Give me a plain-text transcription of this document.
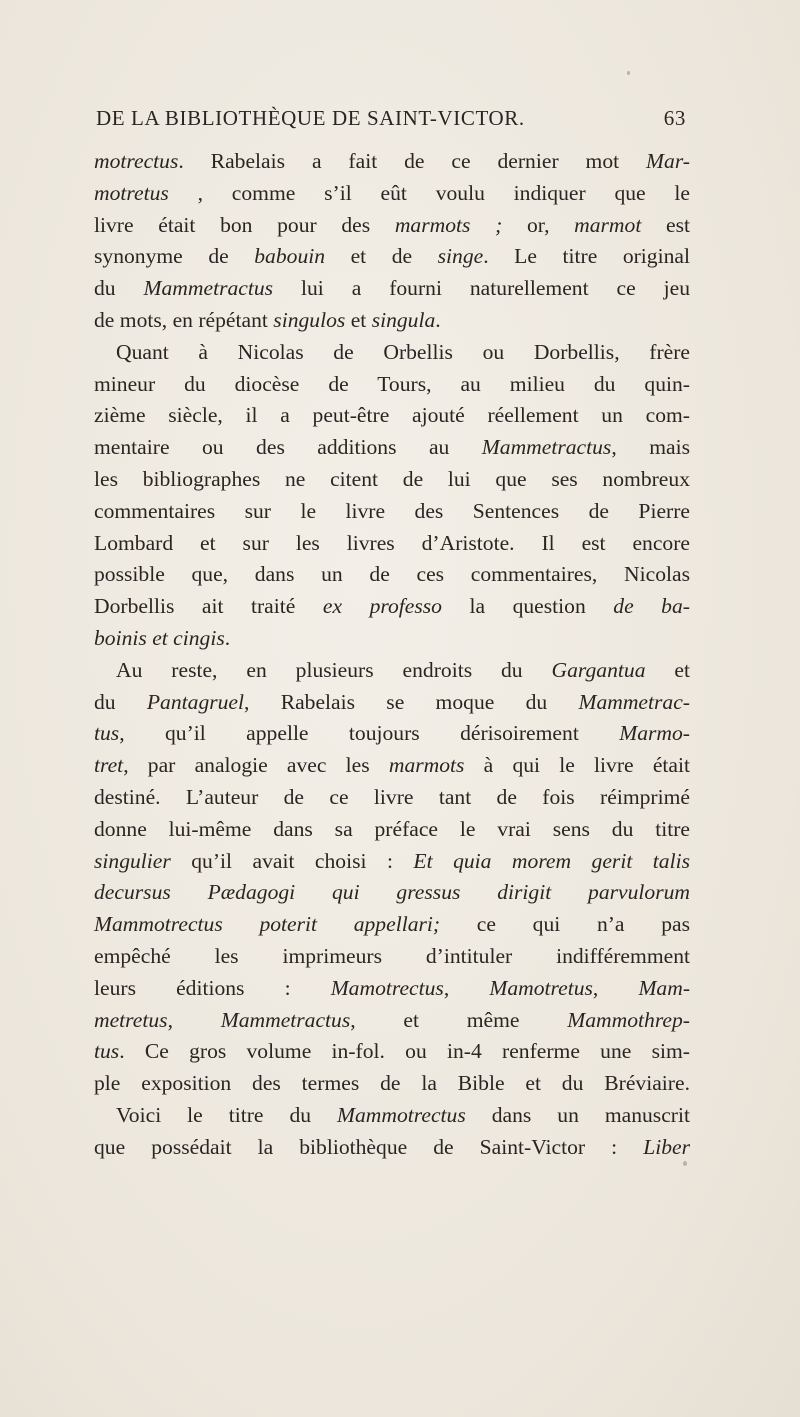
DE LA BIBLIOTHÈQUE DE SAINT-VICTOR.	63
motrectus. Rabelais a fait de ce dernier mot Mar-
motretus , comme s’il eût voulu indiquer que le
livre était bon pour des marmots ; or, marmot est
synonyme de babouin et de singe. Le titre original
du Mammetractus lui a fourni naturellement ce jeu
de mots, en répétant singulos et singula.
Quant à Nicolas de Orbellis ou Dorbellis, frère
mineur du diocèse de Tours, au milieu du quin-
zième siècle, il a peut-être ajouté réellement un com-
mentaire ou des additions au Mammetractus, mais
les bibliographes ne citent de lui que ses nombreux
commentaires sur le livre des Sentences de Pierre
Lombard et sur les livres d’Aristote. Il est encore
possible que, dans un de ces commentaires, Nicolas
Dorbellis ait traité ex professo la question de ba-
boinis et cingis.
Au reste, en plusieurs endroits du Gargantua et
du Pantagruel, Rabelais se moque du Mammetrac-
tus, qu’il appelle toujours dérisoirement Marmo-
tret, par analogie avec les marmots à qui le livre était
destiné. L’auteur de ce livre tant de fois réimprimé
donne lui-même dans sa préface le vrai sens du titre
singulier qu’il avait choisi : Et quia morem gerit talis
decursus Pædagogi qui gressus dirigit parvulorum
Mammotrectus poterit appellari; ce qui n’a pas
empêché les imprimeurs d’intituler indifféremment
leurs éditions : Mamotrectus, Mamotretus, Mam-
metretus, Mammetractus, et même Mammothrep-
tus. Ce gros volume in-fol. ou in-4 renferme une sim-
ple exposition des termes de la Bible et du Bréviaire.
Voici le titre du Mammotrectus dans un manuscrit
que possédait la bibliothèque de Saint-Victor : Liber
